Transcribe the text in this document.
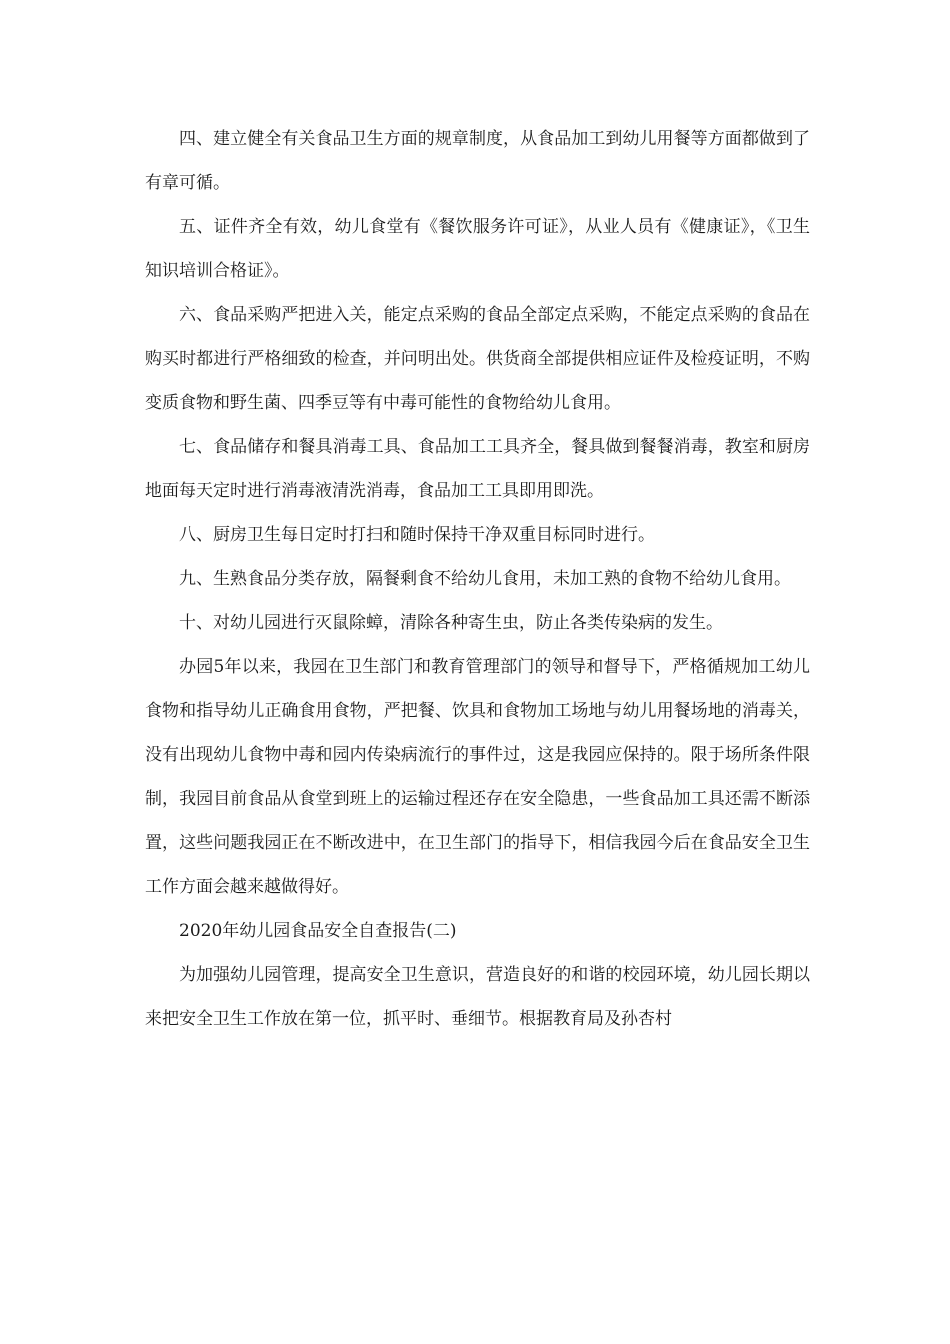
四、建立健全有关食品卫生方面的规章制度，从食品加工到幼儿用餐等方面都做到了有章可循。

五、证件齐全有效，幼儿食堂有《餐饮服务许可证》，从业人员有《健康证》，《卫生知识培训合格证》。

六、食品采购严把进入关，能定点采购的食品全部定点采购，不能定点采购的食品在购买时都进行严格细致的检查，并问明出处。供货商全部提供相应证件及检疫证明，不购变质食物和野生菌、四季豆等有中毒可能性的食物给幼儿食用。

七、食品储存和餐具消毒工具、食品加工工具齐全，餐具做到餐餐消毒，教室和厨房地面每天定时进行消毒液清洗消毒，食品加工工具即用即洗。

八、厨房卫生每日定时打扫和随时保持干净双重目标同时进行。

九、生熟食品分类存放，隔餐剩食不给幼儿食用，未加工熟的食物不给幼儿食用。

十、对幼儿园进行灭鼠除蟑，清除各种寄生虫，防止各类传染病的发生。

办园5年以来，我园在卫生部门和教育管理部门的领导和督导下，严格循规加工幼儿食物和指导幼儿正确食用食物，严把餐、饮具和食物加工场地与幼儿用餐场地的消毒关，没有出现幼儿食物中毒和园内传染病流行的事件过，这是我园应保持的。限于场所条件限制，我园目前食品从食堂到班上的运输过程还存在安全隐患，一些食品加工具还需不断添置，这些问题我园正在不断改进中，在卫生部门的指导下，相信我园今后在食品安全卫生工作方面会越来越做得好。

2020年幼儿园食品安全自查报告(二)

为加强幼儿园管理，提高安全卫生意识，营造良好的和谐的校园环境，幼儿园长期以来把安全卫生工作放在第一位，抓平时、垂细节。根据教育局及孙杏村
